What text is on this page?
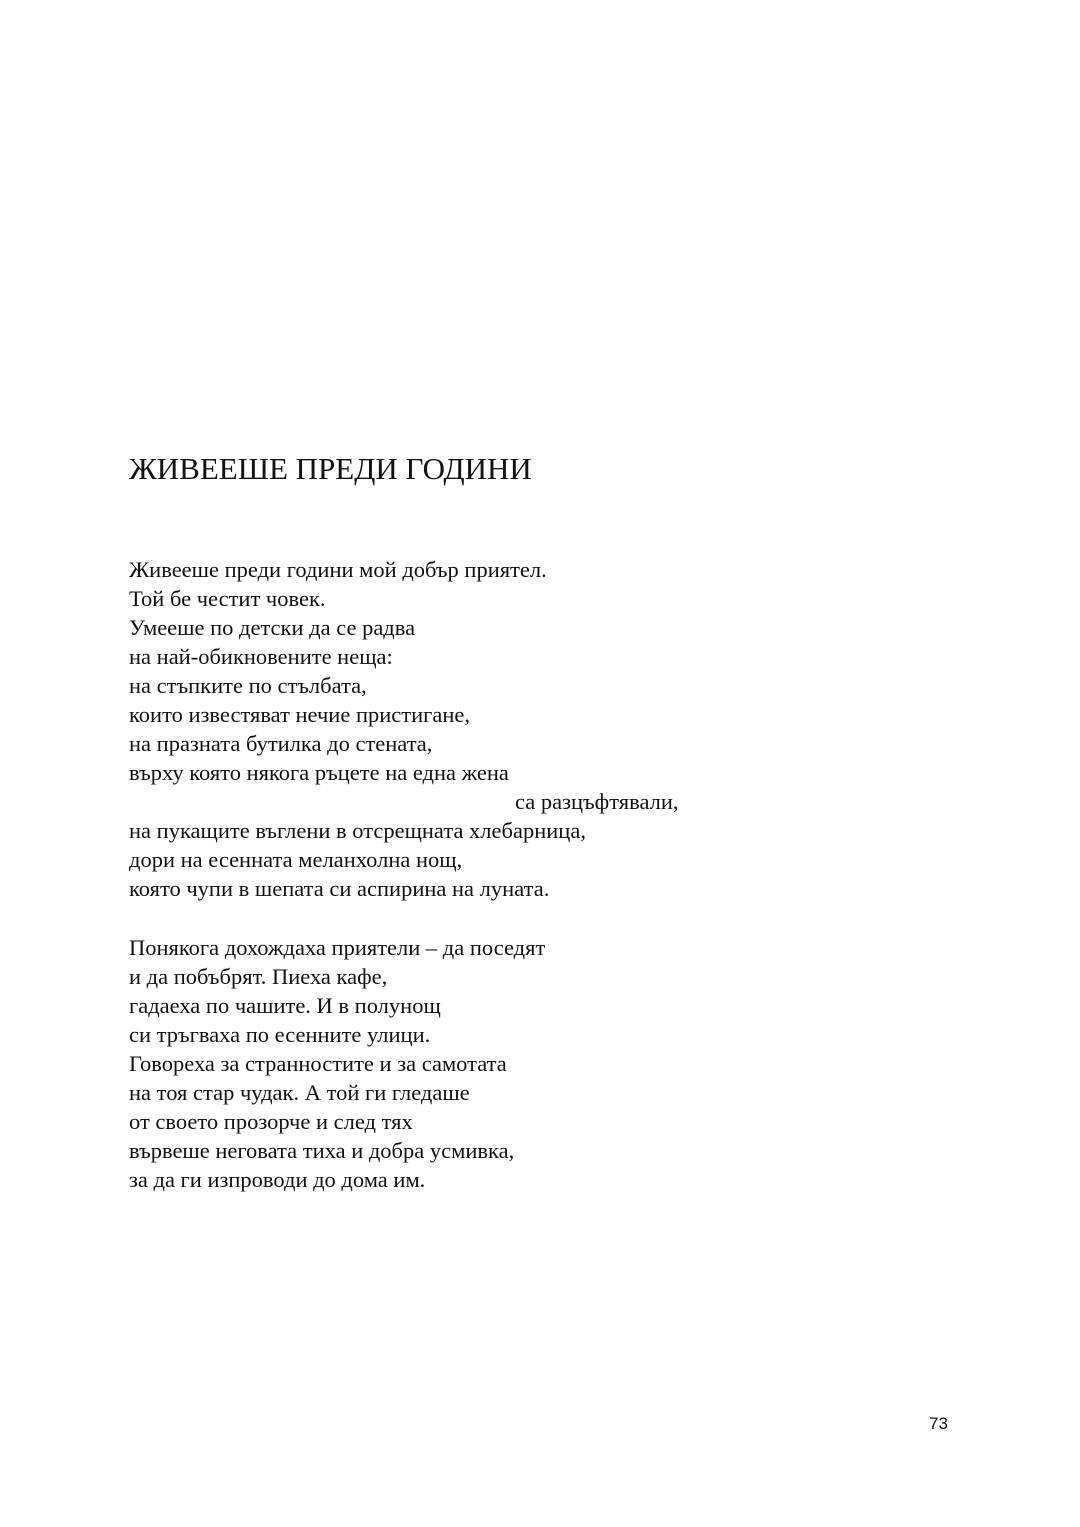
ЖИВЕЕШЕ ПРЕДИ ГОДИНИ
Живееше преди години мой добър приятел.
Той бе честит човек.
Умееше по детски да се радва
на най-обикновените неща:
на стъпките по стълбата,
които известяват нечие пристигане,
на празната бутилка до стената,
върху която някога ръцете на една жена
са разцъфтявали,
на пукащите въглени в отсрещната хлебарница,
дори на есенната меланхолна нощ,
която чупи в шепата си аспирина на луната.
Понякога дохождаха приятели – да поседят
и да побъбрят. Пиеха кафе,
гадаеха по чашите. И в полунощ
си тръгваха по есенните улици.
Говореха за странностите и за самотата
на тоя стар чудак. А той ги гледаше
от своето прозорче и след тях
вървеше неговата тиха и добра усмивка,
за да ги изпроводи до дома им.
73
